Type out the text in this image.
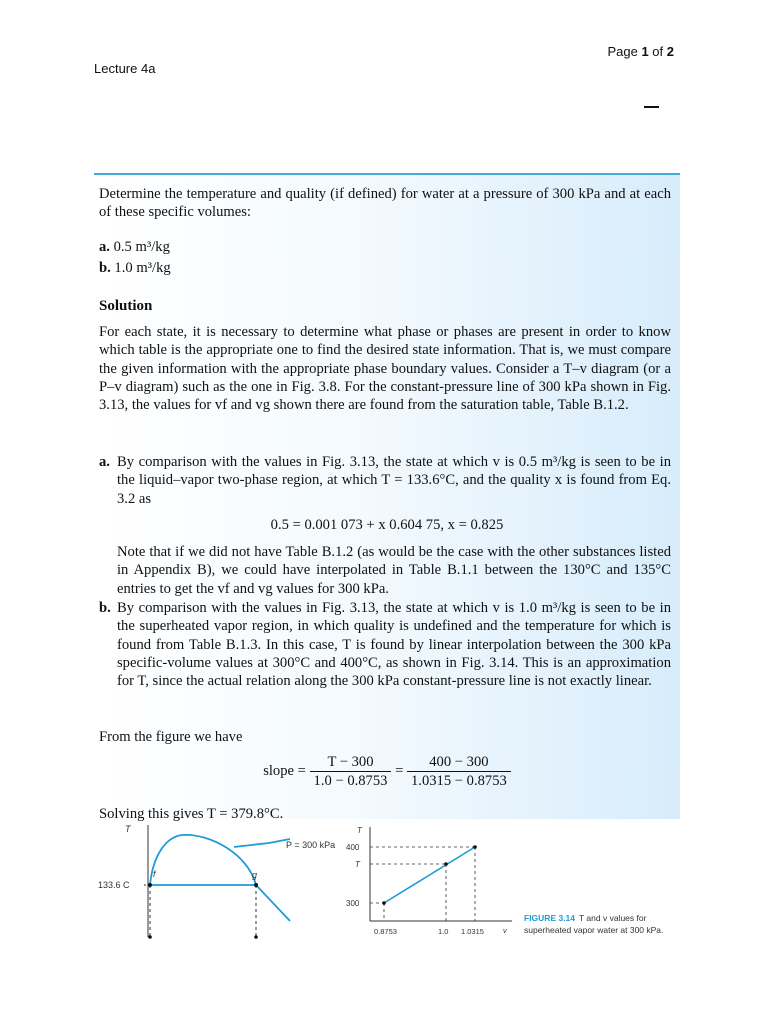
Page 1 of 2
Lecture 4a

Determine the temperature and quality (if defined) for water at a pressure of 300 kPa and at each of these specific volumes:

a. 0.5 m³/kg
b. 1.0 m³/kg
Solution

For each state, it is necessary to determine what phase or phases are present in order to know which table is the appropriate one to find the desired state information. That is, we must compare the given information with the appropriate phase boundary values. Consider a T–v diagram (or a P–v diagram) such as the one in Fig. 3.8. For the constant-pressure line of 300 kPa shown in Fig. 3.13, the values for vf and vg shown there are found from the saturation table, Table B.1.2.

a. By comparison with the values in Fig. 3.13, the state at which v is 0.5 m³/kg is seen to be in the liquid–vapor two-phase region, at which T = 133.6°C, and the quality x is found from Eq. 3.2 as
0.5 = 0.001 073 + x 0.604 75, x = 0.825
Note that if we did not have Table B.1.2 (as would be the case with the other substances listed in Appendix B), we could have interpolated in Table B.1.1 between the 130°C and 135°C entries to get the vf and vg values for 300 kPa.
b. By comparison with the values in Fig. 3.13, the state at which v is 1.0 m³/kg is seen to be in the superheated vapor region, in which quality is undefined and the temperature for which is found from Table B.1.3. In this case, T is found by linear interpolation between the 300 kPa specific-volume values at 300°C and 400°C, as shown in Fig. 3.14. This is an approximation for T, since the actual relation along the 300 kPa constant-pressure line is not exactly linear.
From the figure we have
slope = $\frac{T - 300}{1.0 - 0.8753} = \frac{400 - 300}{1.0315 - 0.8753}$
Solving this gives T = 379.8°C.
T
133.6 C
f	g
P = 300 kPa
T
400
T
300
0.8753	1.0 1.0315	v
FIGURE 3.14 T and v values for
superheated vapor water at 300 kPa.
